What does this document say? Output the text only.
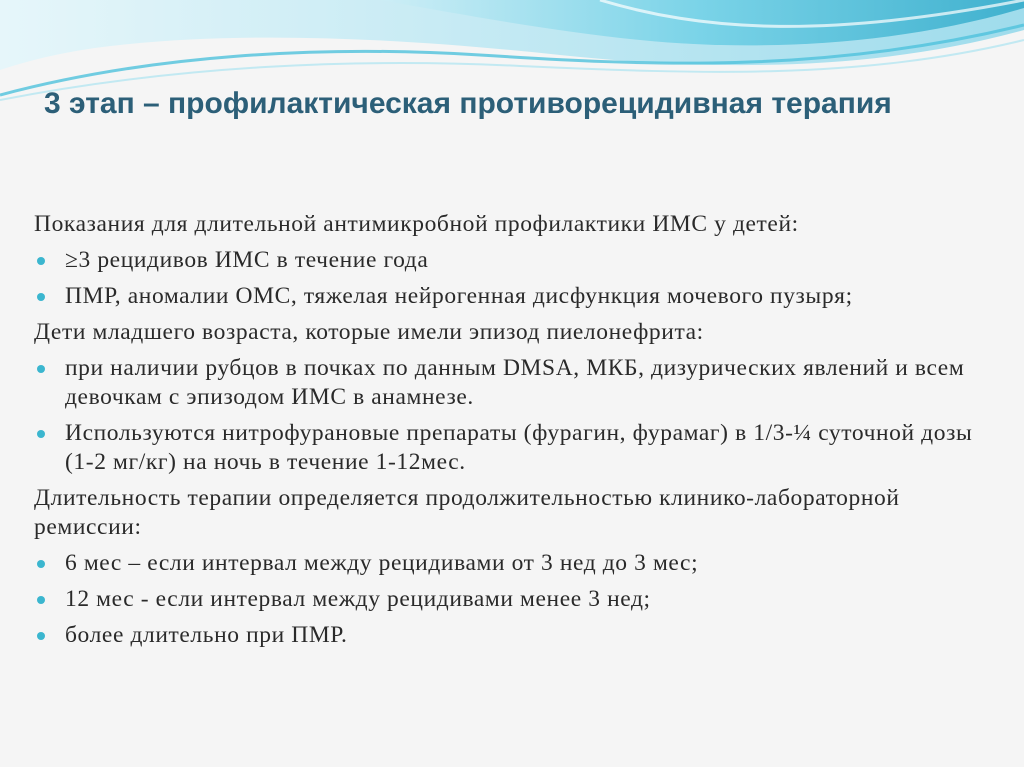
3 этап – профилактическая противорецидивная терапия

Показания для длительной антимикробной профилактики ИМС у детей:

≥3 рецидивов ИМС в течение года
ПМР, аномалии ОМС, тяжелая нейрогенная дисфункция мочевого пузыря;

Дети младшего возраста, которые имели эпизод пиелонефрита:

при наличии рубцов в почках по данным DMSA, МКБ, дизурических явлений и всем девочкам с эпизодом ИМС в анамнезе.
Используются нитрофурановые препараты (фурагин, фурамаг) в 1/3-¼ суточной дозы (1-2 мг/кг) на ночь в течение 1-12мес.

Длительность терапии определяется продолжительностью клинико-лабораторной ремиссии:

6 мес – если интервал между рецидивами от 3 нед до 3 мес;
12 мес - если интервал между рецидивами менее 3 нед;
более длительно при ПМР.
